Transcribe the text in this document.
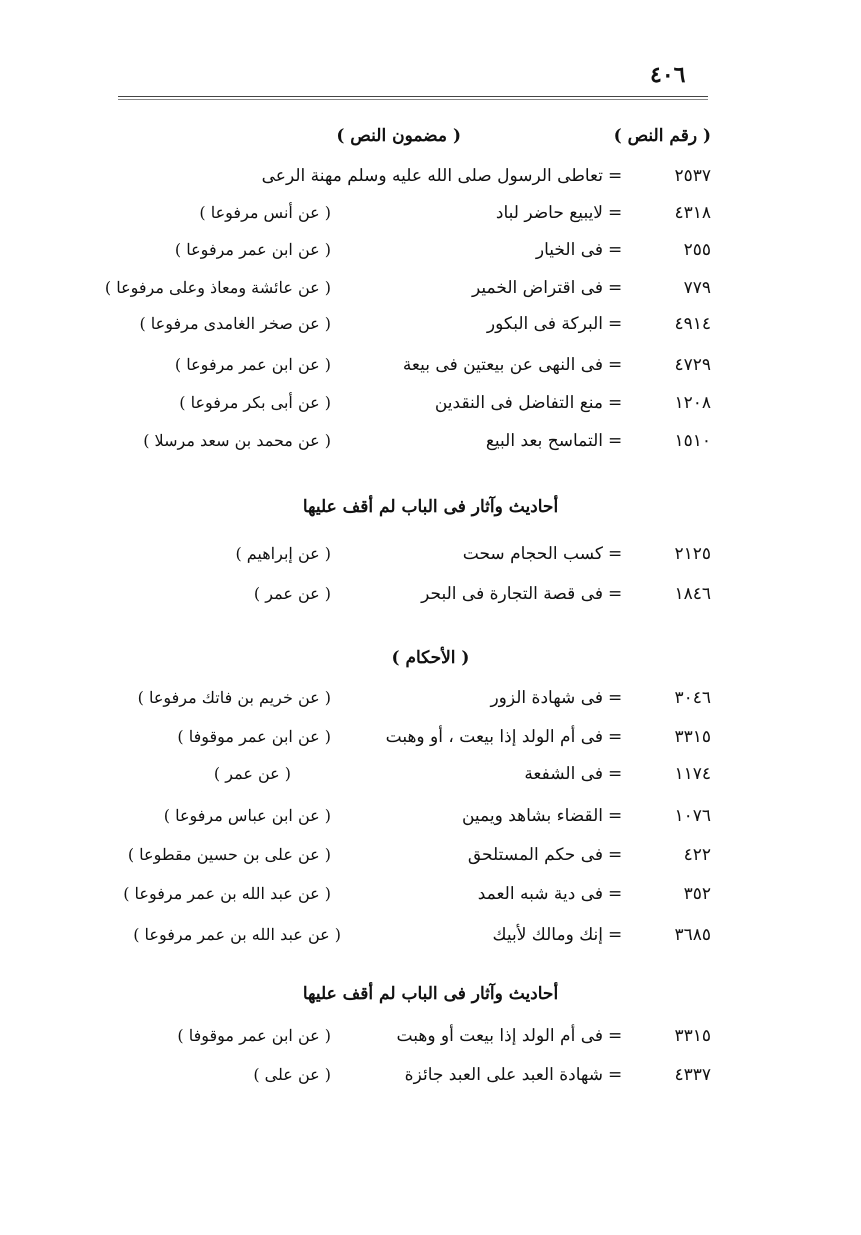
٤٠٦
( رقم النص )
( مضمون النص )
٢٥٣٧
=
تعاطى الرسول صلى الله عليه وسلم مهنة الرعى
٤٣١٨
=
لايبيع حاضر لباد
( عن أنس مرفوعا )
٢٥٥
=
فى الخيار
( عن ابن عمر مرفوعا )
٧٧٩
=
فى اقتراض الخمير
( عن عائشة ومعاذ وعلى مرفوعا )
٤٩١٤
=
البركة فى البكور
( عن صخر الغامدى مرفوعا )
٤٧٢٩
=
فى النهى عن بيعتين فى بيعة
( عن ابن عمر مرفوعا )
١٢٠٨
=
منع التفاضل فى النقدين
( عن أبى بكر مرفوعا )
١٥١٠
=
التماسح بعد البيع
( عن محمد بن سعد مرسلا )
أحاديث وآثار فى الباب لم أقف عليها
٢١٢٥
=
كسب الحجام سحت
( عن إبراهيم )
١٨٤٦
=
فى قصة التجارة فى البحر
( عن عمر )
( الأحكام )
٣٠٤٦
=
فى شهادة الزور
( عن خريم بن فاتك مرفوعا )
٣٣١٥
=
فى أم الولد إذا بيعت ، أو وهبت
( عن ابن عمر موقوفا )
١١٧٤
=
فى الشفعة
( عن عمر )
١٠٧٦
=
القضاء بشاهد ويمين
( عن ابن عباس مرفوعا )
٤٢٢
=
فى حكم المستلحق
( عن على بن حسين مقطوعا )
٣٥٢
=
فى دية شبه العمد
( عن عبد الله بن عمر مرفوعا )
٣٦٨٥
=
إنك ومالك لأبيك
( عن عبد الله بن عمر مرفوعا )
أحاديث وآثار فى الباب لم أقف عليها
٣٣١٥
=
فى أم الولد إذا بيعت أو وهبت
( عن ابن عمر موقوفا )
٤٣٣٧
=
شهادة العبد على العبد جائزة
( عن على )
